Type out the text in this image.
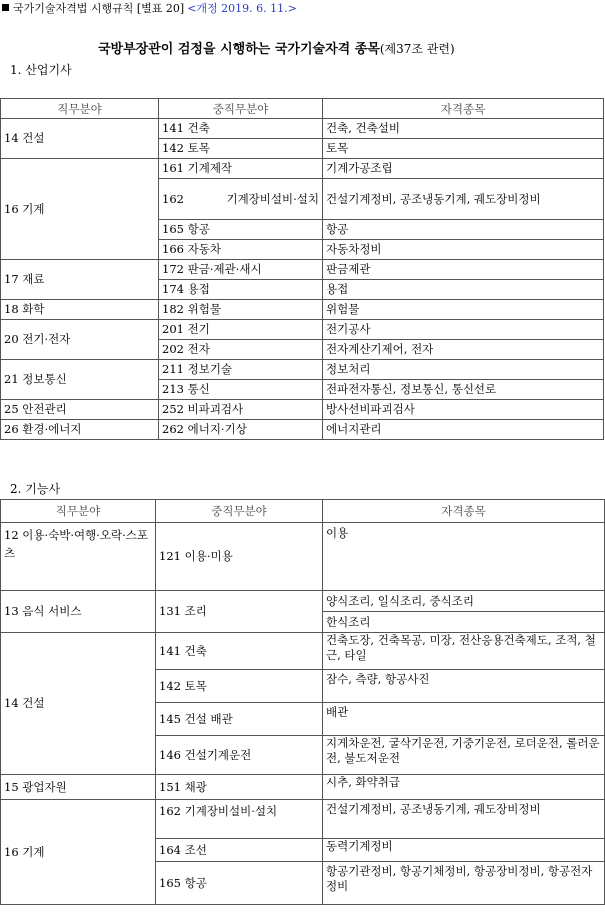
국가기술자격법 시행규칙 [별표 20] <개정 2019. 6. 11.>
국방부장관이 검정을 시행하는 국가기술자격 종목(제37조 관련)
1. 산업기사
직무분야	중직무분야	자격종목
14 건설	141 건축	건축, 건축설비
	142 토목	토목
16 기계	161 기계제작	기계가공조립

	162 기계장비설비·설치	건설기계정비, 공조냉동기계, 궤도장비정비
	165 항공	항공
	166 자동차	자동차정비
17 재료	172 판금·제관·새시	판금제관
	174 용접	용접
18 화학	182 위험물	위험물
20 전기·전자	201 전기	전기공사
	202 전자	전자계산기제어, 전자
21 정보통신	211 정보기술	정보처리
	213 통신	전파전자통신, 정보통신, 통신선로
25 안전관리	252 비파괴검사	방사선비파괴검사
26 환경·에너지	262 에너지·기상	에너지관리
2. 기능사
직무분야	중직무분야	자격종목
12 이용·숙박·여행·오락·스포츠	121 이용·미용	이용
13 음식 서비스	131 조리	양식조리, 일식조리, 중식조리
		한식조리
14 건설	141 건축	건축도장, 건축목공, 미장, 전산응용건축제도, 조적, 철근, 타일
	142 토목	잠수, 측량, 항공사진
	145 건설 배관	배관
	146 건설기계운전	지게차운전, 굴삭기운전, 기중기운전, 로더운전, 롤러운전, 불도저운전
15 광업자원	151 채광	시추, 화약취급
16 기계	162 기계장비설비·설치	건설기계정비, 공조냉동기계, 궤도장비정비
	164 조선	동력기계정비
	165 항공	항공기관정비, 항공기체정비, 항공장비정비, 항공전자정비
